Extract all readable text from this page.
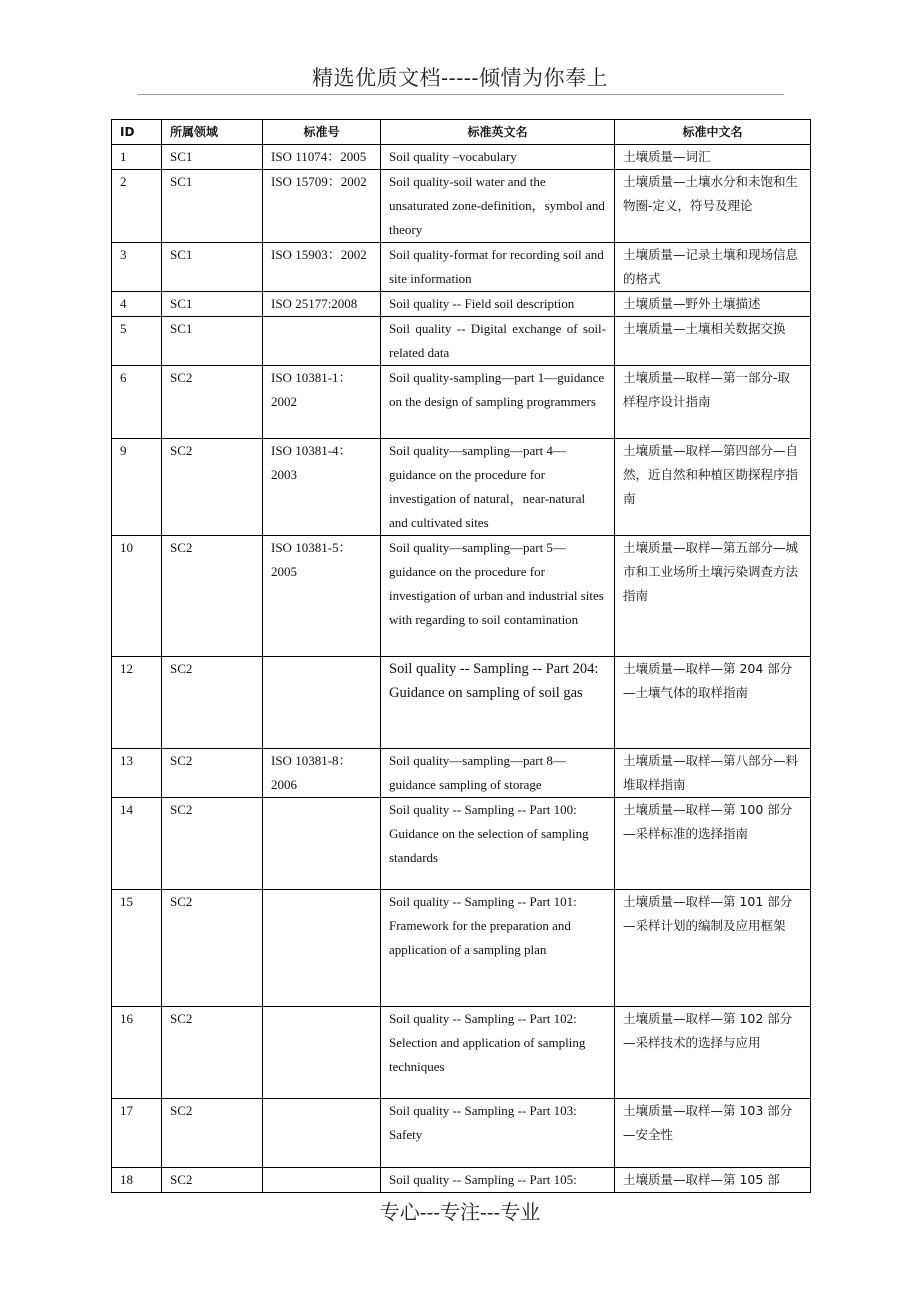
精选优质文档-----倾情为你奉上
ID	所属领域	标准号	标准英文名	标准中文名
1	SC1	ISO 11074：2005	Soil quality –vocabulary	土壤质量—词汇
2	SC1	ISO 15709：2002	Soil quality-soil water and the unsaturated zone-definition，symbol and theory	土壤质量—土壤水分和未饱和生物圈-定义，符号及理论
3	SC1	ISO 15903：2002	Soil quality-format for recording soil and site information	土壤质量—记录土壤和现场信息的格式
4	SC1	ISO 25177:2008	Soil quality -- Field soil description	土壤质量—野外土壤描述
5	SC1		Soil quality -- Digital exchange of soil-related data	土壤质量—土壤相关数据交换
6	SC2	ISO 10381-1：2002	Soil quality-sampling—part 1—guidance on the design of sampling programmers	土壤质量—取样—第一部分-取样程序设计指南
9	SC2	ISO 10381-4：2003	Soil quality—sampling—part 4—guidance on the procedure for investigation of natural，near-natural and cultivated sites	土壤质量—取样—第四部分—自然，近自然和种植区勘探程序指南
10	SC2	ISO 10381-5：2005	Soil quality—sampling—part 5—guidance on the procedure for investigation of urban and industrial sites with regarding to soil contamination	土壤质量—取样—第五部分—城市和工业场所土壤污染调查方法指南
12	SC2		Soil quality -- Sampling -- Part 204: Guidance on sampling of soil gas	土壤质量—取样—第 204 部分—土壤气体的取样指南
13	SC2	ISO 10381-8：2006	Soil quality—sampling—part 8—guidance sampling of storage	土壤质量—取样—第八部分—料堆取样指南
14	SC2		Soil quality -- Sampling -- Part 100: Guidance on the selection of sampling standards	土壤质量—取样—第 100 部分—采样标准的选择指南
15	SC2		Soil quality -- Sampling -- Part 101: Framework for the preparation and application of a sampling plan	土壤质量—取样—第 101 部分—采样计划的编制及应用框架
16	SC2		Soil quality -- Sampling -- Part 102: Selection and application of sampling techniques	土壤质量—取样—第 102 部分—采样技术的选择与应用
17	SC2		Soil quality -- Sampling -- Part 103: Safety	土壤质量—取样—第 103 部分—安全性
18	SC2		Soil quality -- Sampling -- Part 105:	土壤质量—取样—第 105 部
专心---专注---专业
